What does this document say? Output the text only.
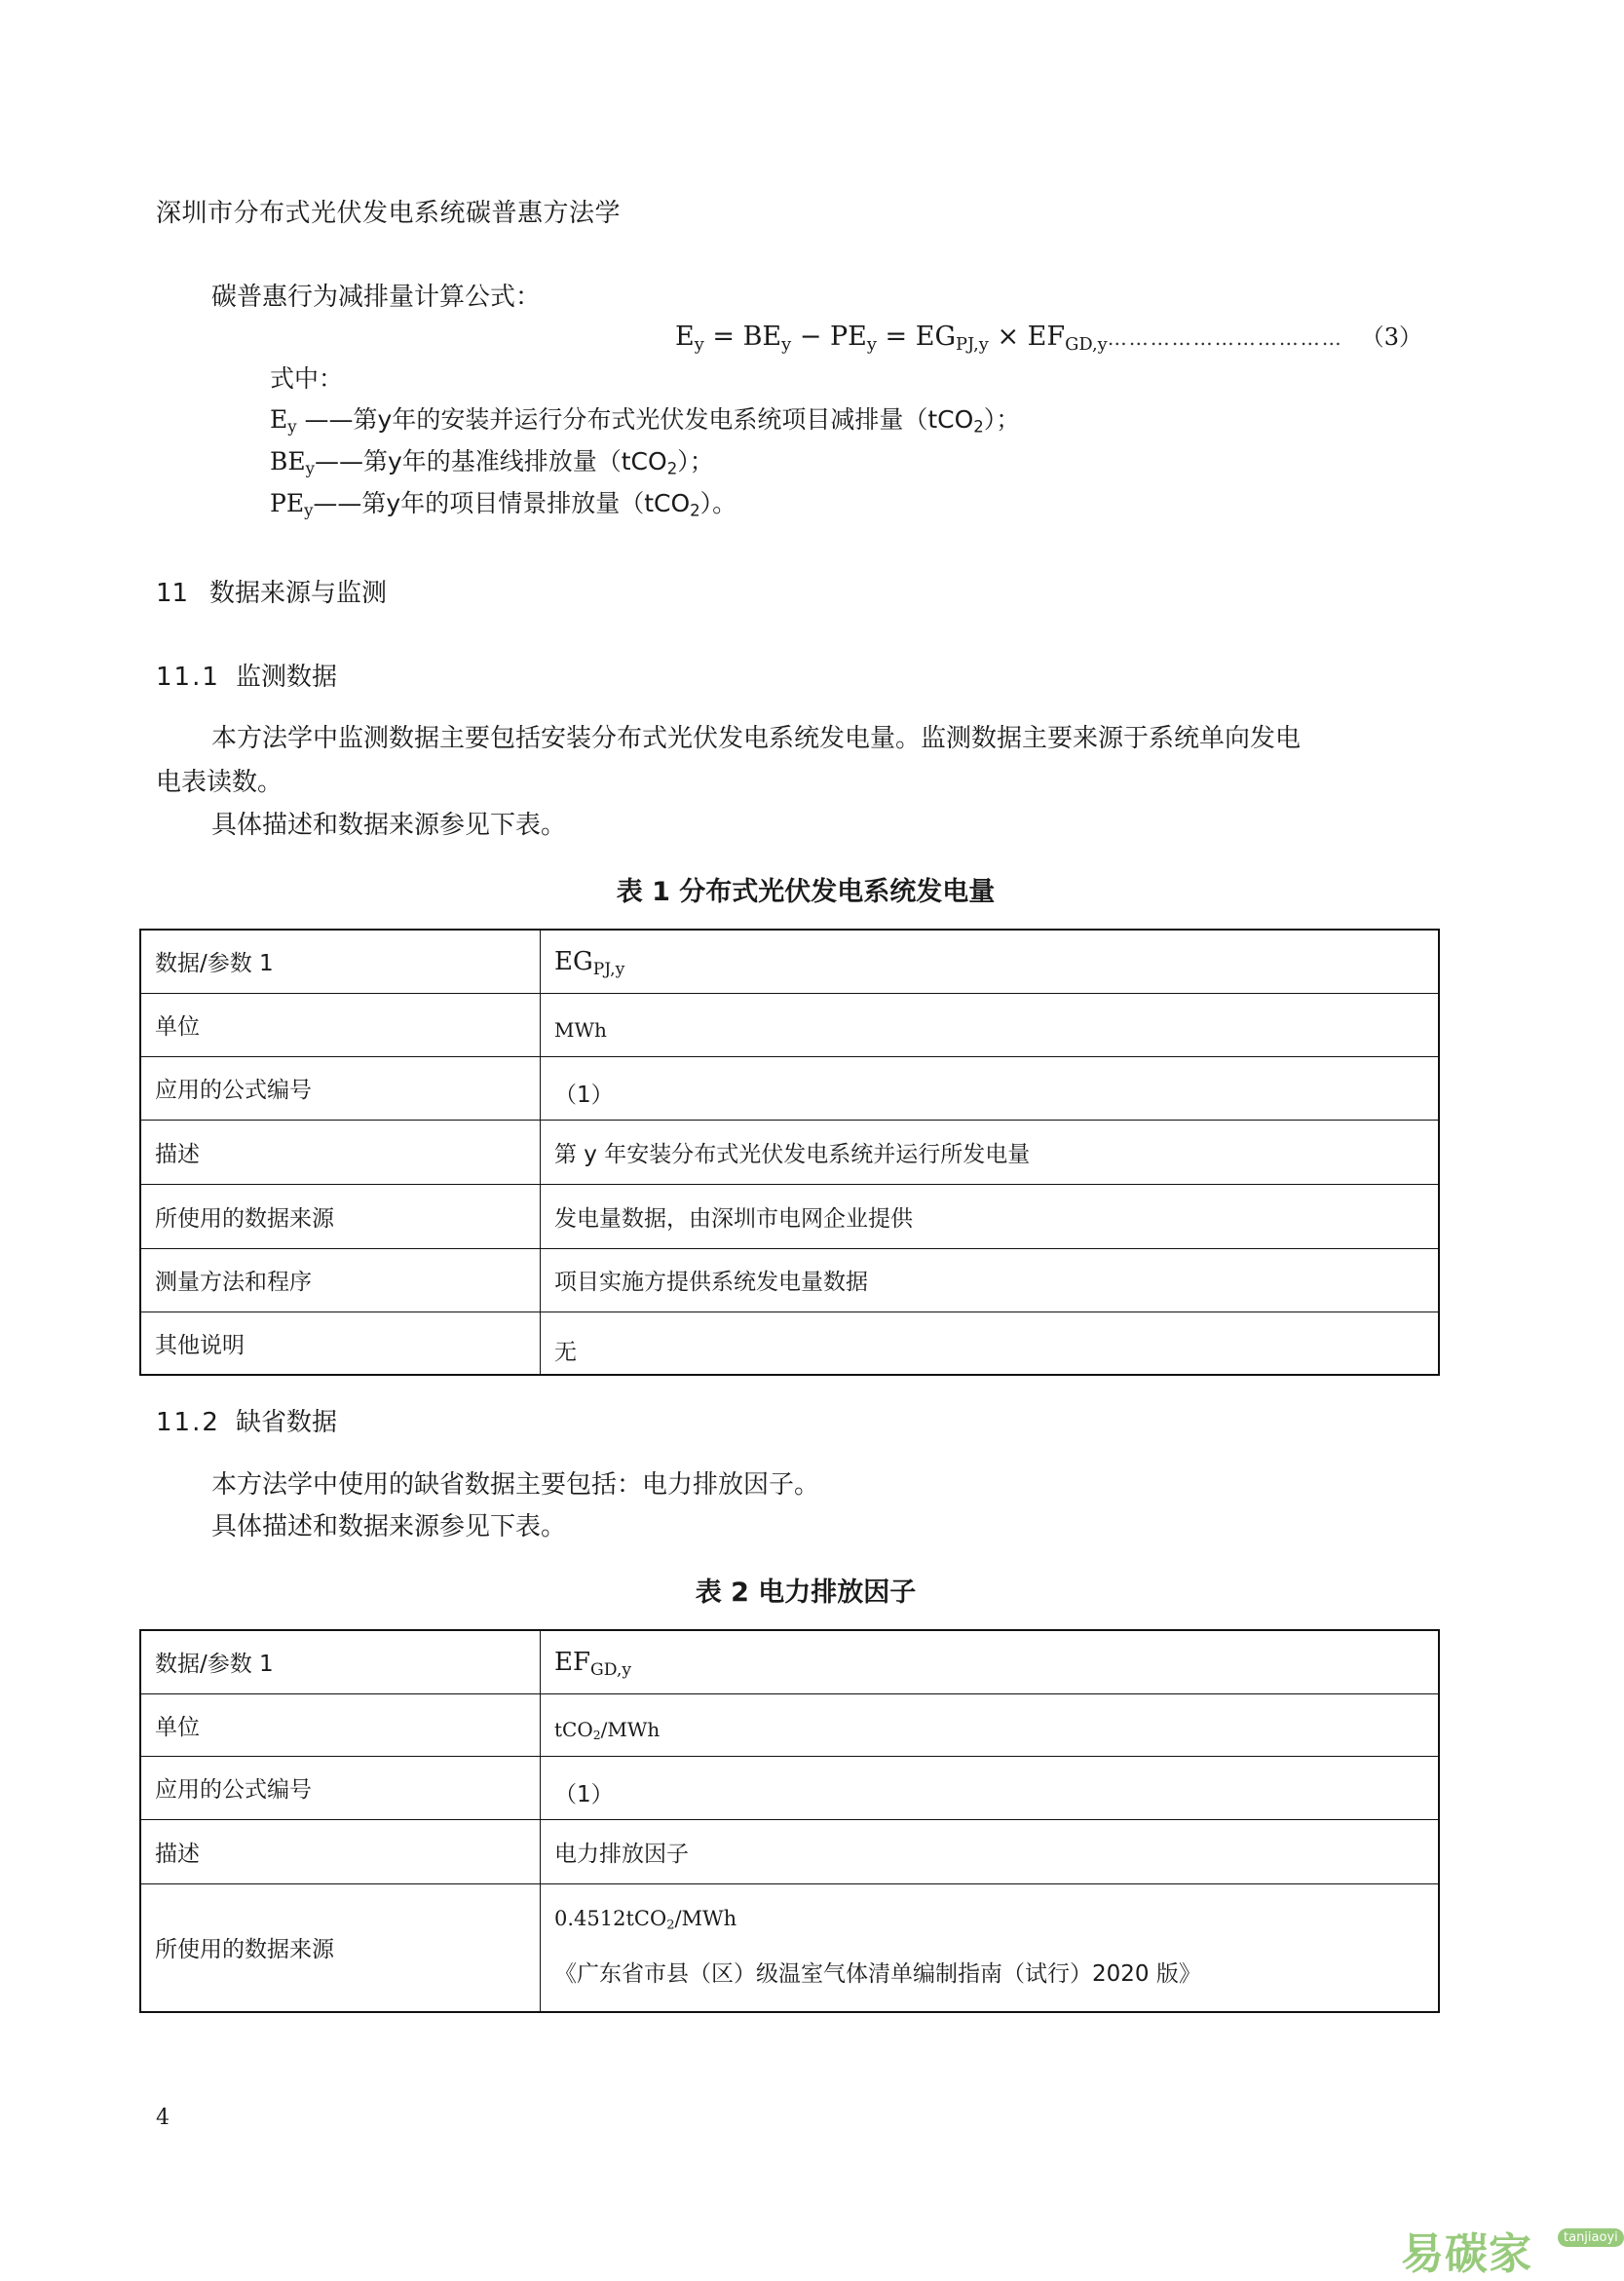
深圳市分布式光伏发电系统碳普惠方法学
碳普惠行为减排量计算公式：
$E_y = BE_y - PE_y = EG_{PJ,y}$ × $EF_{GD,y}\dots\dots\dots\dots\dots\dots\dots\dots\dots\dots\dots$ （3）
式中：
$E_y$ ——第y年的安装并运行分布式光伏发电系统项目减排量（tCO$_2$）；
$BE_y——$第y年的基准线排放量（tCO$_2$）；
$PE_y——$第y年的项目情景排放量（tCO$_2$）。
11 数据来源与监测
11.1 监测数据
本方法学中监测数据主要包括安装分布式光伏发电系统发电量。监测数据主要来源于系统单向发电
电表读数。
具体描述和数据来源参见下表。
表 1 分布式光伏发电系统发电量
数据/参数 1	$EG_{PJ,y}$
单位	MWh
应用的公式编号	（1）
描述	第 y 年安装分布式光伏发电系统并运行所发电量
所使用的数据来源	发电量数据，由深圳市电网企业提供
测量方法和程序	项目实施方提供系统发电量数据
其他说明	无
11.2 缺省数据
本方法学中使用的缺省数据主要包括：电力排放因子。
具体描述和数据来源参见下表。
表 2 电力排放因子
数据/参数 1	$EF_{GD,y}$
单位	tCO$_2$/MWh
应用的公式编号	（1）
描述	电力排放因子
所使用的数据来源	0.4512tCO$_2$/MWh
《广东省市县（区）级温室气体清单编制指南（试行）2020 版》
4
易碳家	tanjiaoyi
